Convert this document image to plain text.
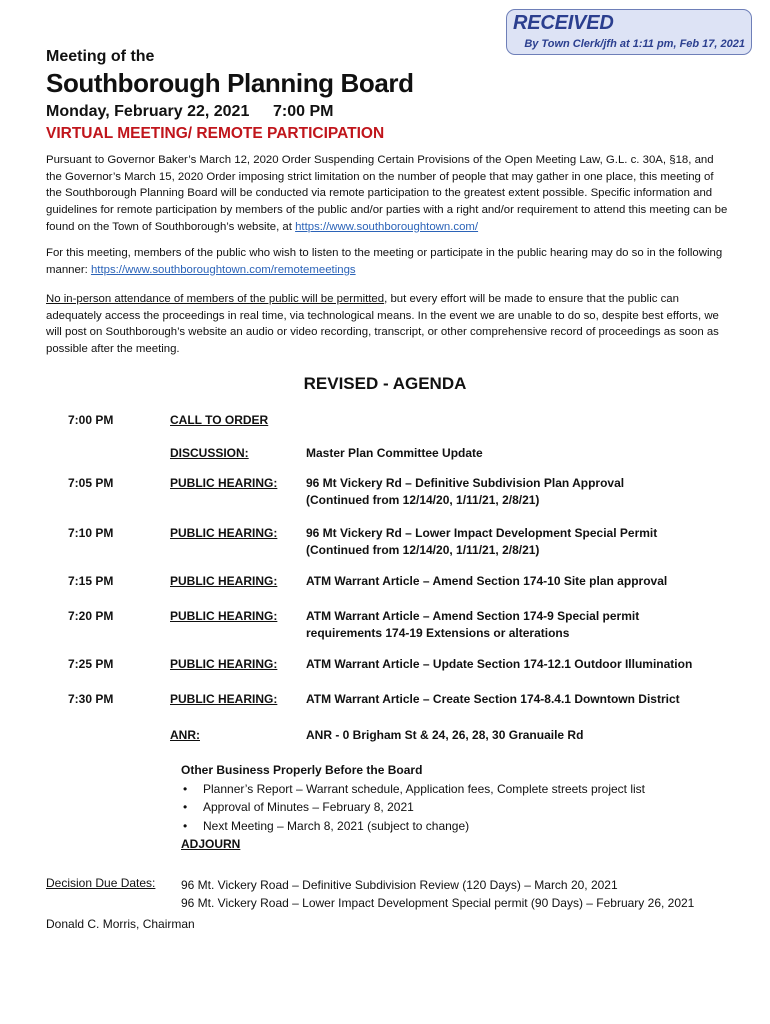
RECEIVED
By Town Clerk/jfh at 1:11 pm, Feb 17, 2021
Meeting of the
Southborough Planning Board
Monday, February 22, 2021 7:00 PM
VIRTUAL MEETING/ REMOTE PARTICIPATION

Pursuant to Governor Baker’s March 12, 2020 Order Suspending Certain Provisions of the Open Meeting Law, G.L. c. 30A, §18, and the Governor’s March 15, 2020 Order imposing strict limitation on the number of people that may gather in one place, this meeting of the Southborough Planning Board will be conducted via remote participation to the greatest extent possible. Specific information and guidelines for remote participation by members of the public and/or parties with a right and/or requirement to attend this meeting can be found on the Town of Southborough’s website, at https://www.southboroughtown.com/

For this meeting, members of the public who wish to listen to the meeting or participate in the public hearing may do so in the following manner: https://www.southboroughtown.com/remotemeetings

No in-person attendance of members of the public will be permitted, but every effort will be made to ensure that the public can adequately access the proceedings in real time, via technological means. In the event we are unable to do so, despite best efforts, we will post on Southborough’s website an audio or video recording, transcript, or other comprehensive record of proceedings as soon as possible after the meeting.

REVISED - AGENDA
7:00 PM	CALL TO ORDER
DISCUSSION:	Master Plan Committee Update
7:05 PM	PUBLIC HEARING: 96 Mt Vickery Rd – Definitive Subdivision Plan Approval
(Continued from 12/14/20, 1/11/21, 2/8/21)
7:10 PM	PUBLIC HEARING: 96 Mt Vickery Rd – Lower Impact Development Special Permit
(Continued from 12/14/20, 1/11/21, 2/8/21)
7:15 PM	PUBLIC HEARING: ATM Warrant Article – Amend Section 174-10 Site plan approval
7:20 PM	PUBLIC HEARING: ATM Warrant Article – Amend Section 174-9 Special permit
requirements 174-19 Extensions or alterations
7:25 PM	PUBLIC HEARING: ATM Warrant Article – Update Section 174-12.1 Outdoor Illumination
7:30 PM	PUBLIC HEARING: ATM Warrant Article – Create Section 174-8.4.1 Downtown District
ANR:	ANR - 0 Brigham St & 24, 26, 28, 30 Granuaile Rd
Other Business Properly Before the Board
• Planner’s Report – Warrant schedule, Application fees, Complete streets project list
• Approval of Minutes – February 8, 2021
• Next Meeting – March 8, 2021 (subject to change)
ADJOURN
Decision Due Dates: 96 Mt. Vickery Road – Definitive Subdivision Review (120 Days) – March 20, 2021
96 Mt. Vickery Road – Lower Impact Development Special permit (90 Days) – February 26, 2021
Donald C. Morris, Chairman
